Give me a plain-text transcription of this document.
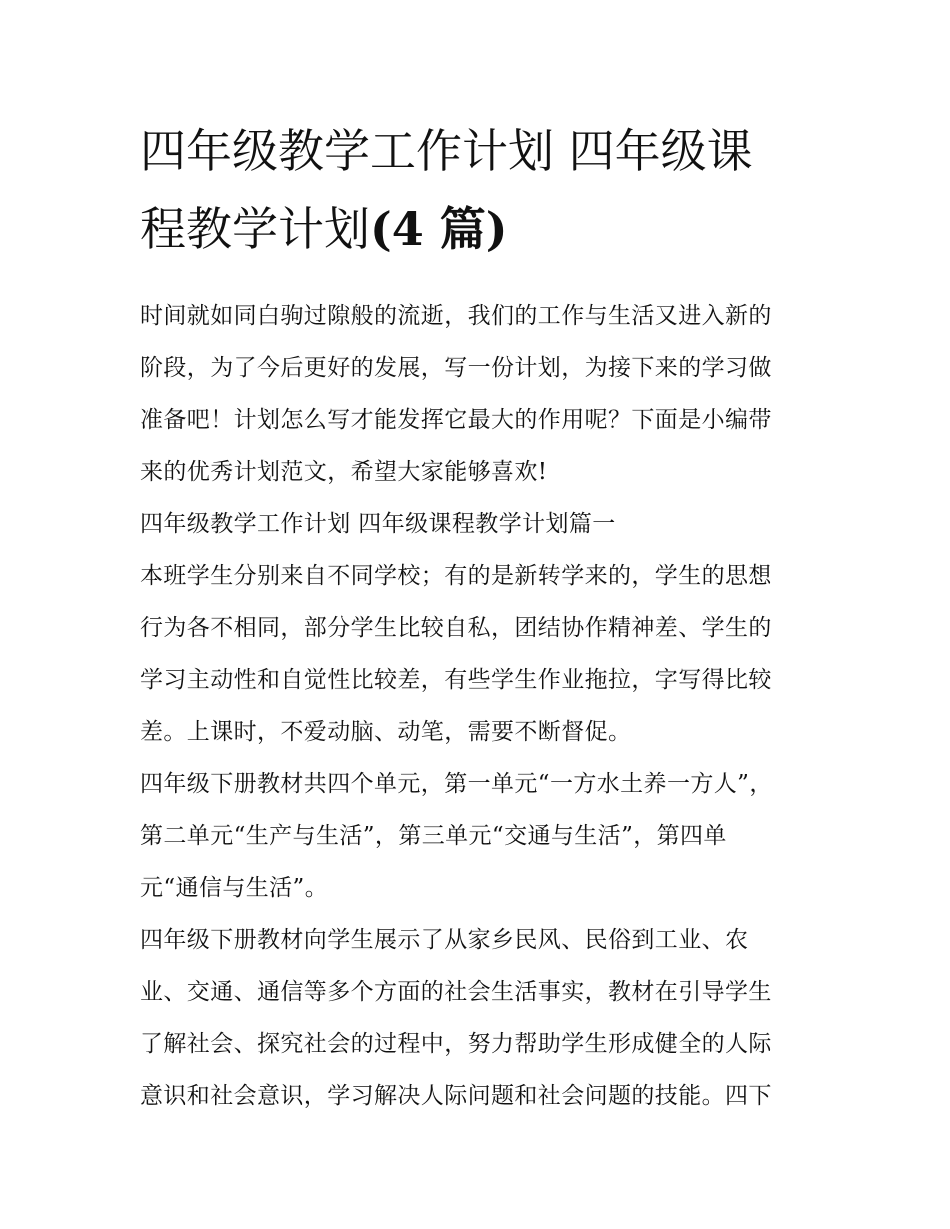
四年级教学工作计划 四年级课
程教学计划(4 篇)
时间就如同白驹过隙般的流逝，我们的工作与生活又进入新的
阶段，为了今后更好的发展，写一份计划，为接下来的学习做
准备吧！计划怎么写才能发挥它最大的作用呢？下面是小编带
来的优秀计划范文，希望大家能够喜欢!
四年级教学工作计划 四年级课程教学计划篇一
本班学生分别来自不同学校；有的是新转学来的，学生的思想
行为各不相同，部分学生比较自私，团结协作精神差、学生的
学习主动性和自觉性比较差，有些学生作业拖拉，字写得比较
差。上课时，不爱动脑、动笔，需要不断督促。
四年级下册教材共四个单元，第一单元“一方水土养一方人”，
第二单元“生产与生活”，第三单元“交通与生活”，第四单
元“通信与生活”。
四年级下册教材向学生展示了从家乡民风、民俗到工业、农
业、交通、通信等多个方面的社会生活事实，教材在引导学生
了解社会、探究社会的过程中，努力帮助学生形成健全的人际
意识和社会意识，学习解决人际问题和社会问题的技能。四下
